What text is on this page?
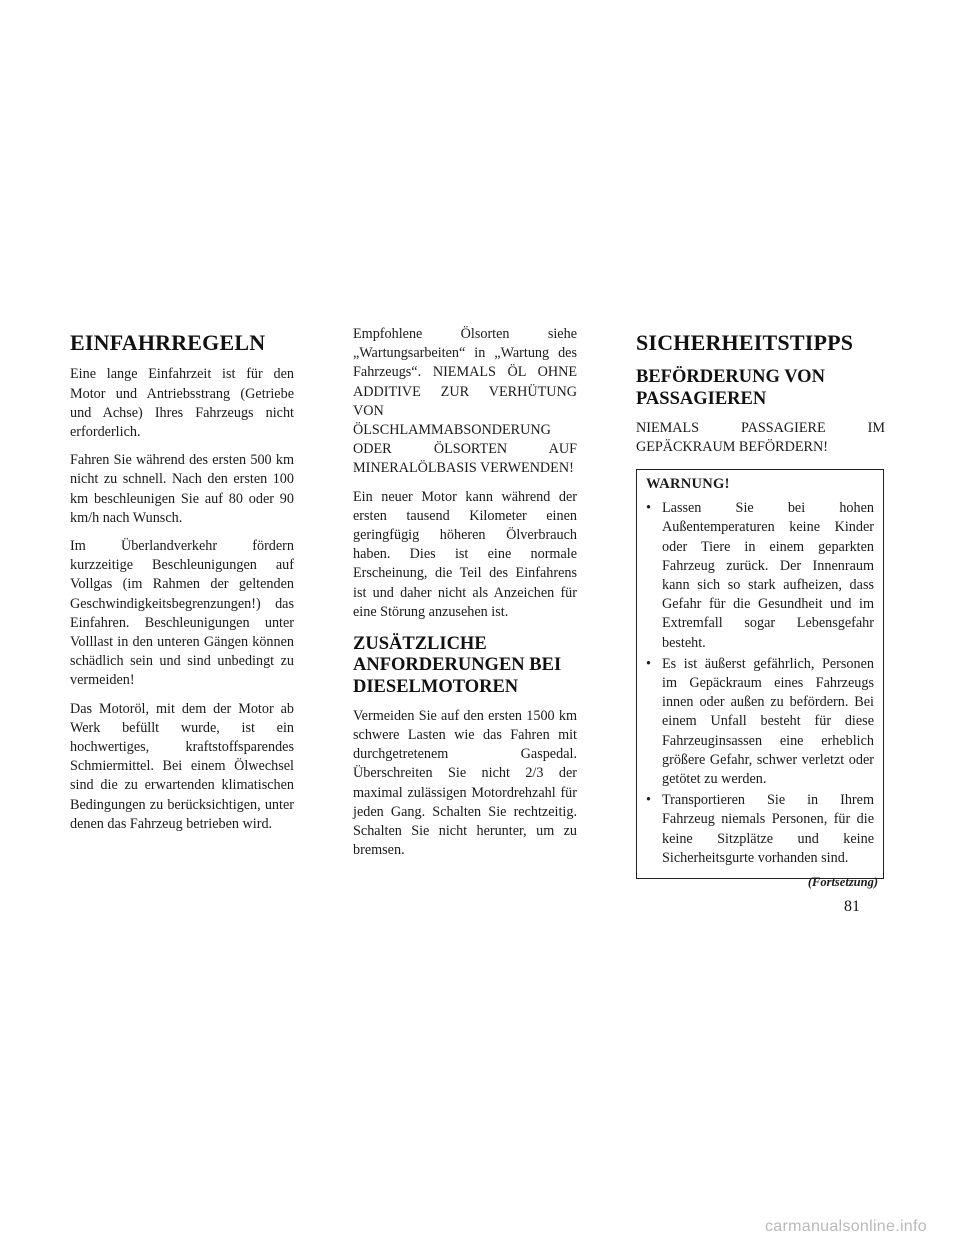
EINFAHRREGELN

Eine lange Einfahrzeit ist für den Motor und Antriebsstrang (Getriebe und Achse) Ihres Fahrzeugs nicht erforderlich.

Fahren Sie während des ersten 500 km nicht zu schnell. Nach den ersten 100 km beschleunigen Sie auf 80 oder 90 km/h nach Wunsch.

Im Überlandverkehr fördern kurzzeitige Beschleunigungen auf Vollgas (im Rahmen der geltenden Geschwindigkeitsbegrenzungen!) das Einfahren. Beschleunigungen unter Volllast in den unteren Gängen können schädlich sein und sind unbedingt zu vermeiden!

Das Motoröl, mit dem der Motor ab Werk befüllt wurde, ist ein hochwertiges, kraftstoffsparendes Schmiermittel. Bei einem Ölwechsel sind die zu erwartenden klimatischen Bedingungen zu berücksichtigen, unter denen das Fahrzeug betrieben wird.

Empfohlene Ölsorten siehe „Wartungsarbeiten“ in „Wartung des Fahrzeugs“. NIEMALS ÖL OHNE ADDITIVE ZUR VERHÜTUNG VON ÖLSCHLAMMABSONDERUNG ODER ÖLSORTEN AUF MINERALÖLBASIS VERWENDEN!

Ein neuer Motor kann während der ersten tausend Kilometer einen geringfügig höheren Ölverbrauch haben. Dies ist eine normale Erscheinung, die Teil des Einfahrens ist und daher nicht als Anzeichen für eine Störung anzusehen ist.

ZUSÄTZLICHE ANFORDERUNGEN BEI DIESELMOTOREN

Vermeiden Sie auf den ersten 1500 km schwere Lasten wie das Fahren mit durchgetretenem Gaspedal. Überschreiten Sie nicht 2/3 der maximal zulässigen Motordrehzahl für jeden Gang. Schalten Sie rechtzeitig. Schalten Sie nicht herunter, um zu bremsen.

SICHERHEITSTIPPS
BEFÖRDERUNG VON PASSAGIEREN

NIEMALS PASSAGIERE IM GEPÄCKRAUM BEFÖRDERN!

WARNUNG!
• Lassen Sie bei hohen Außentemperaturen keine Kinder oder Tiere in einem geparkten Fahrzeug zurück. Der Innenraum kann sich so stark aufheizen, dass Gefahr für die Gesundheit und im Extremfall sogar Lebensgefahr besteht.
• Es ist äußerst gefährlich, Personen im Gepäckraum eines Fahrzeugs innen oder außen zu befördern. Bei einem Unfall besteht für diese Fahrzeuginsassen eine erheblich größere Gefahr, schwer verletzt oder getötet zu werden.
• Transportieren Sie in Ihrem Fahrzeug niemals Personen, für die keine Sitzplätze und keine Sicherheitsgurte vorhanden sind.
(Fortsetzung)
81
carmanualsonline.info
